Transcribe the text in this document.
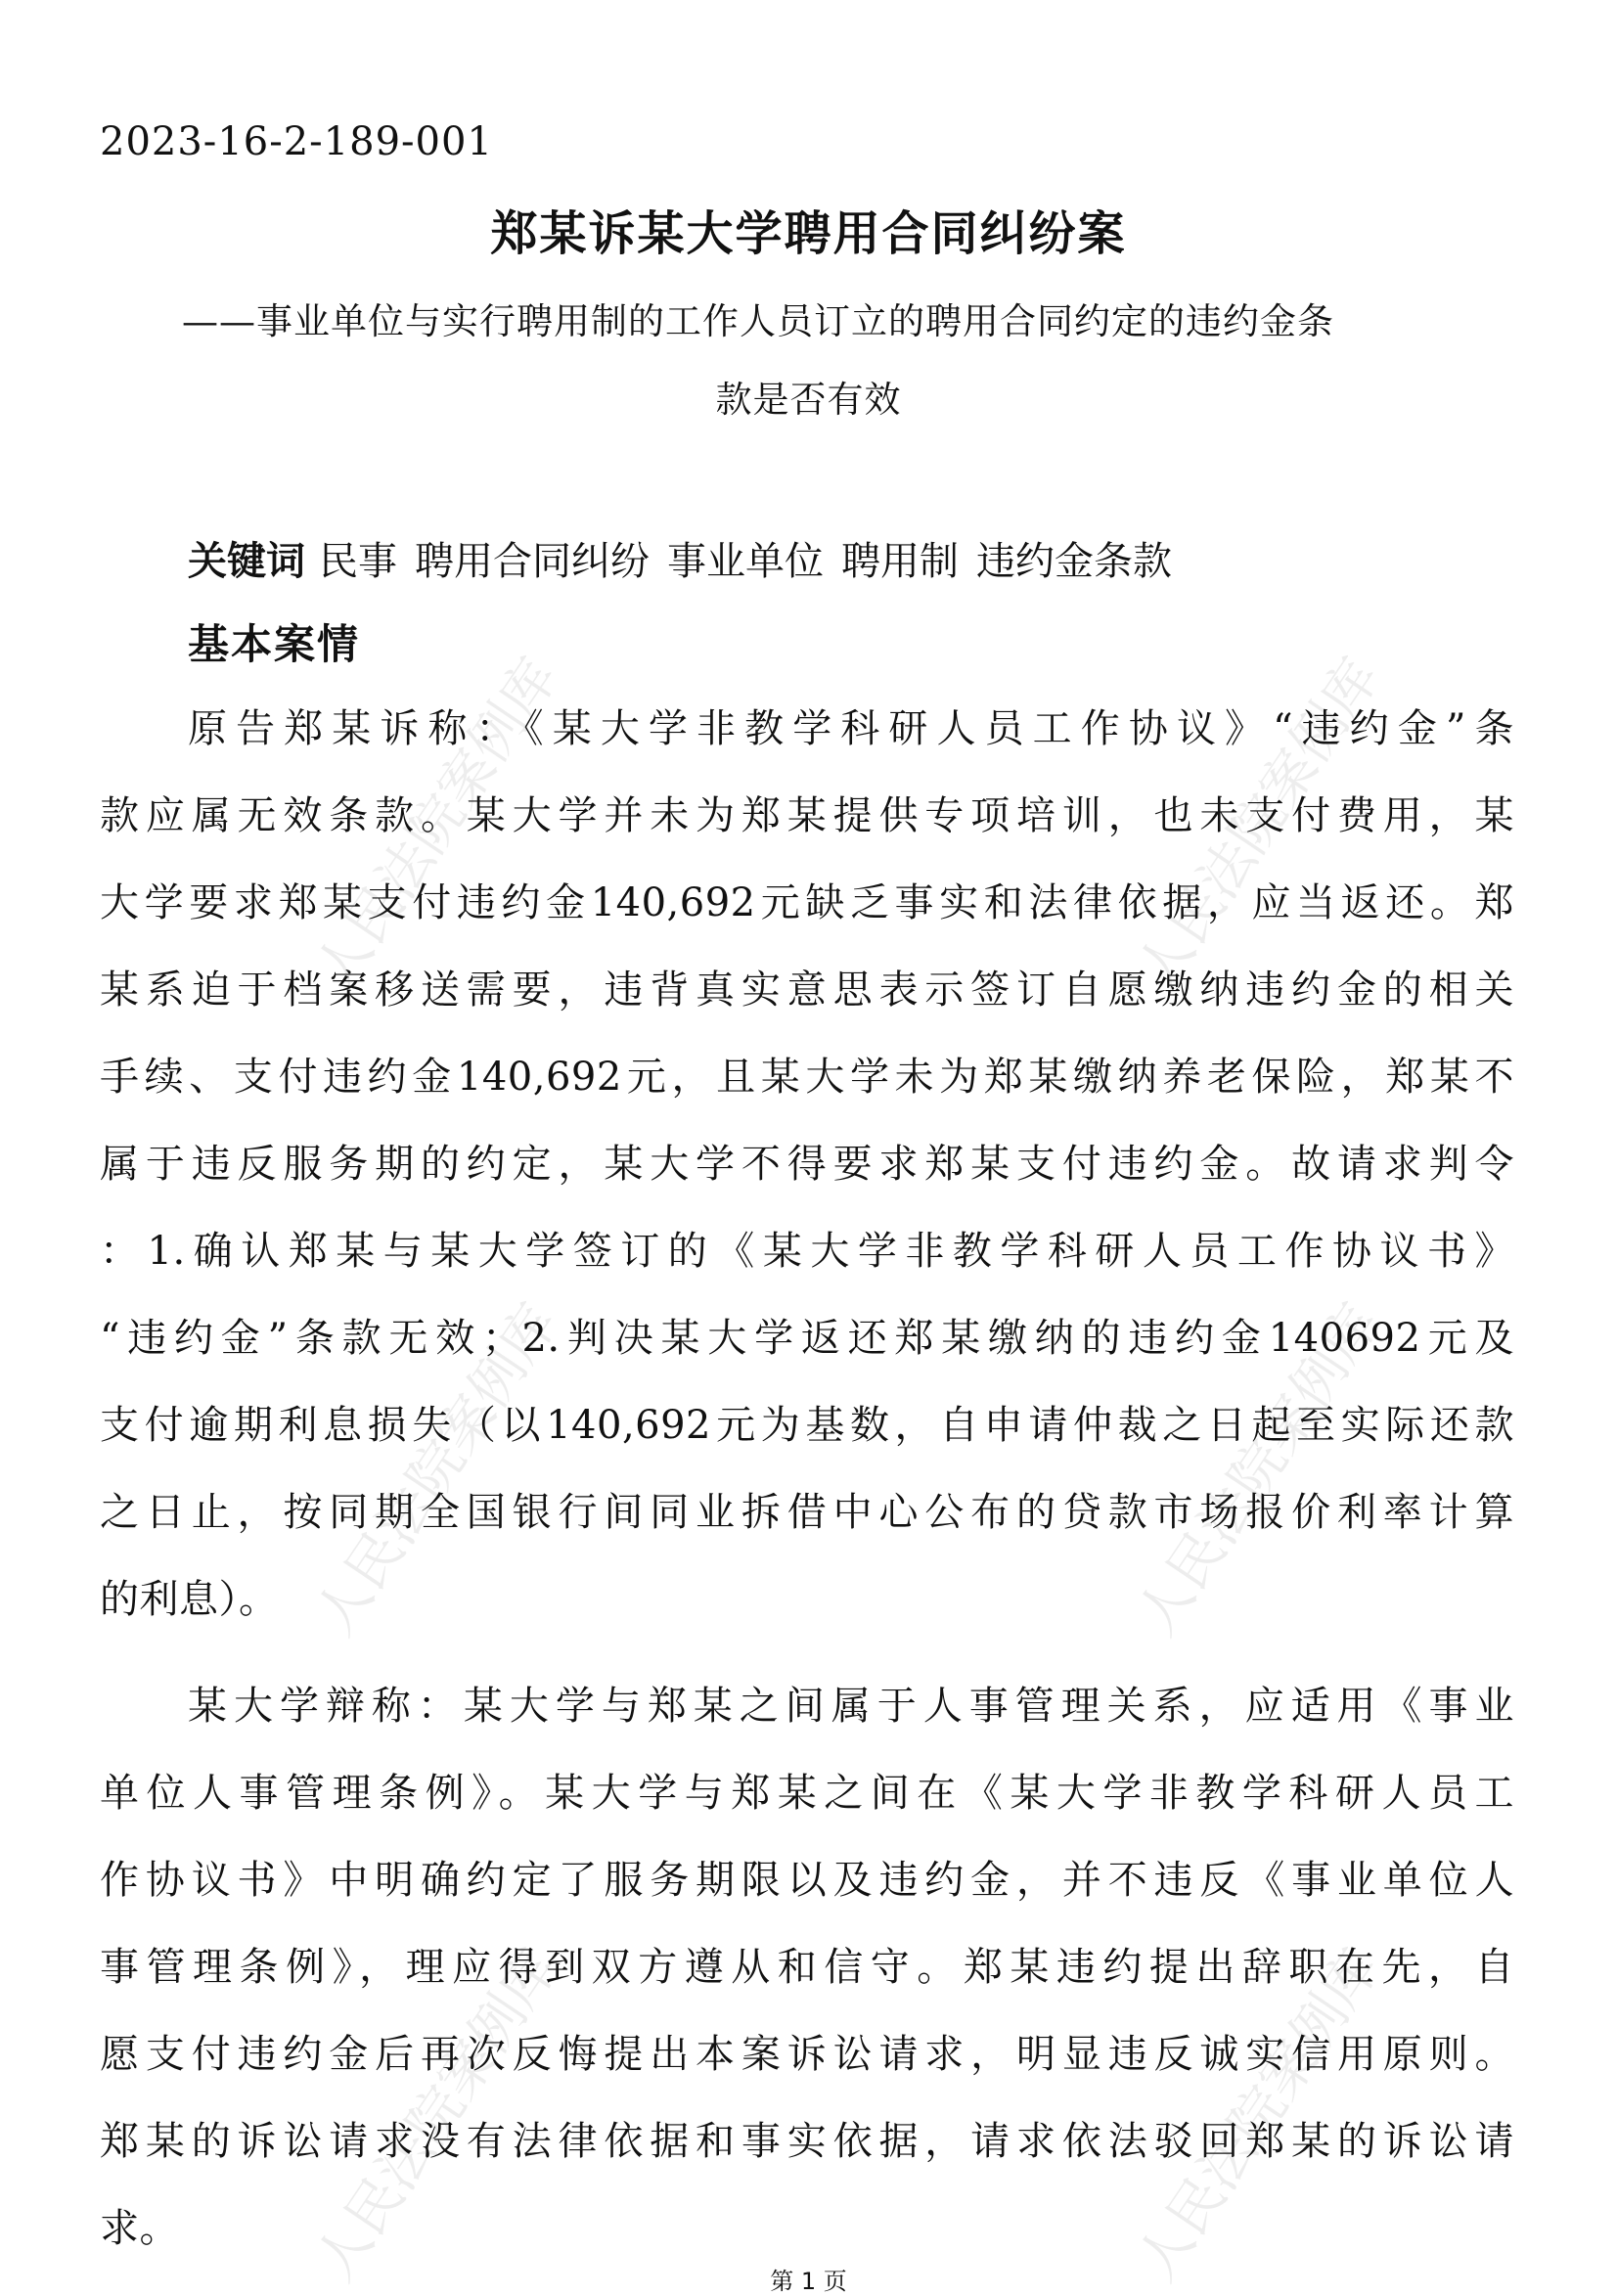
人民法院案例库	人民法院案例库
人民法院案例库	人民法院案例库
人民法院案例库	人民法院案例库
2023-16-2-189-001
郑某诉某大学聘用合同纠纷案
——事业单位与实行聘用制的工作人员订立的聘用合同约定的违约金条
款是否有效
关键词 民事 聘用合同纠纷 事业单位 聘用制 违约金条款
基本案情
原告郑某诉称：《某大学非教学科研人员工作协议》“违约金”条
款应属无效条款。某大学并未为郑某提供专项培训，也未支付费用，某
大学要求郑某支付违约金140,692元缺乏事实和法律依据，应当返还。郑
某系迫于档案移送需要，违背真实意思表示签订自愿缴纳违约金的相关
手续、支付违约金140,692元，且某大学未为郑某缴纳养老保险，郑某不
属于违反服务期的约定，某大学不得要求郑某支付违约金。故请求判令
：1.确认郑某与某大学签订的《某大学非教学科研人员工作协议书》
“违约金”条款无效；2.判决某大学返还郑某缴纳的违约金140692元及
支付逾期利息损失（以140,692元为基数，自申请仲裁之日起至实际还款
之日止，按同期全国银行间同业拆借中心公布的贷款市场报价利率计算
的利息）。
某大学辩称：某大学与郑某之间属于人事管理关系，应适用《事业
单位人事管理条例》。某大学与郑某之间在《某大学非教学科研人员工
作协议书》中明确约定了服务期限以及违约金，并不违反《事业单位人
事管理条例》，理应得到双方遵从和信守。郑某违约提出辞职在先，自
愿支付违约金后再次反悔提出本案诉讼请求，明显违反诚实信用原则。
郑某的诉讼请求没有法律依据和事实依据，请求依法驳回郑某的诉讼请
求。
第 1 页
